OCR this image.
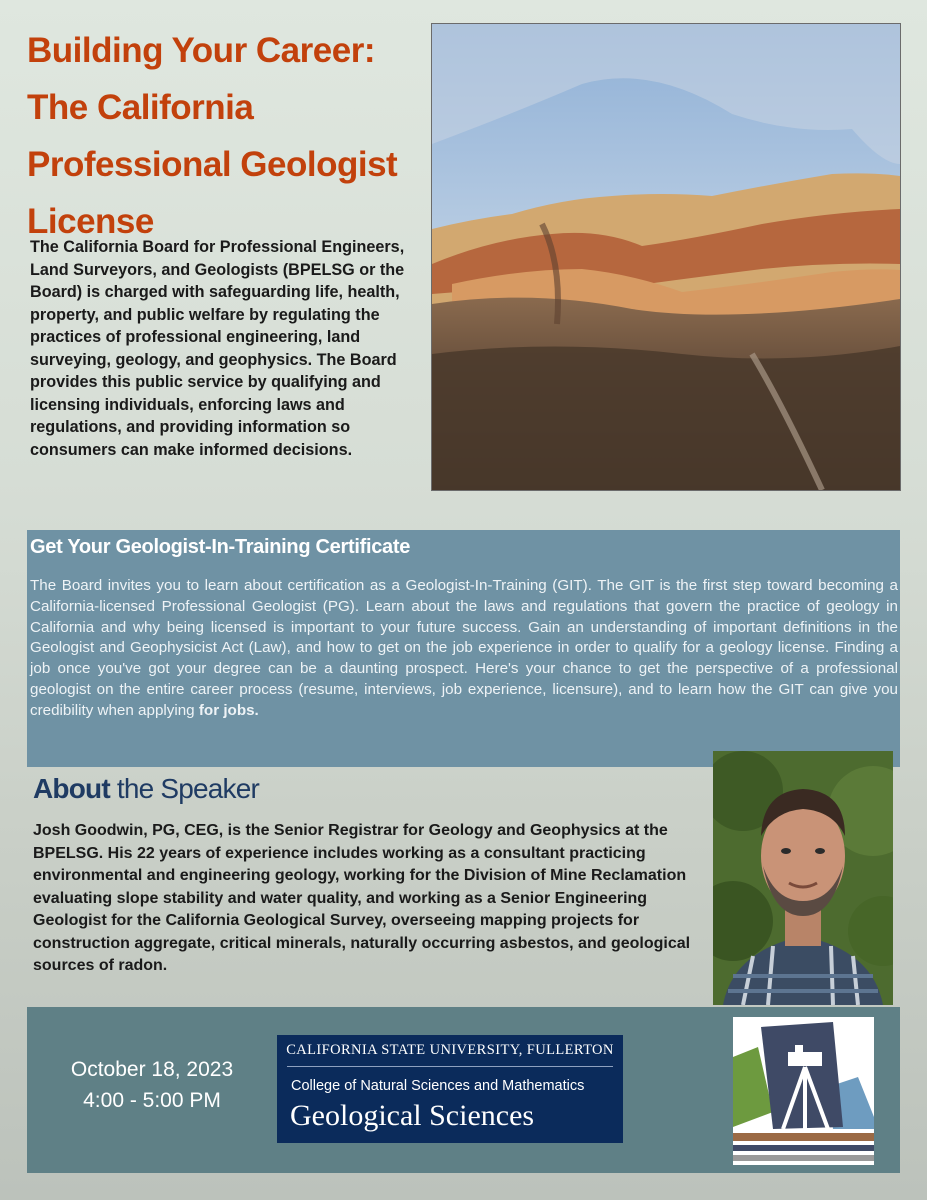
Building Your Career:
The California
Professional Geologist
License

The California Board for Professional Engineers, Land Surveyors, and Geologists (BPELSG or the Board) is charged with safeguarding life, health, property, and public welfare by regulating the practices of professional engineering, land surveying, geology, and geophysics. The Board provides this public service by qualifying and licensing individuals, enforcing laws and regulations, and providing information so consumers can make informed decisions.

Get Your Geologist-In-Training Certificate

The Board invites you to learn about certification as a Geologist-In-Training (GIT). The GIT is the first step toward becoming a California-licensed Professional Geologist (PG). Learn about the laws and regulations that govern the practice of geology in California and why being licensed is important to your future success. Gain an understanding of important definitions in the Geologist and Geophysicist Act (Law), and how to get on the job experience in order to qualify for a geology license. Finding a job once you've got your degree can be a daunting prospect. Here's your chance to get the perspective of a professional geologist on the entire career process (resume, interviews, job experience, licensure), and to learn how the GIT can give you credibility when applying for jobs.

About the Speaker

Josh Goodwin, PG, CEG, is the Senior Registrar for Geology and Geophysics at the BPELSG. His 22 years of experience includes working as a consultant practicing environmental and engineering geology, working for the Division of Mine Reclamation evaluating slope stability and water quality, and working as a Senior Engineering Geologist for the California Geological Survey, overseeing mapping projects for construction aggregate, critical minerals, naturally occurring asbestos, and geological sources of radon.

October 18, 2023
4:00 - 5:00 PM
CALIFORNIA STATE UNIVERSITY, FULLERTON
College of Natural Sciences and Mathematics
Geological Sciences
